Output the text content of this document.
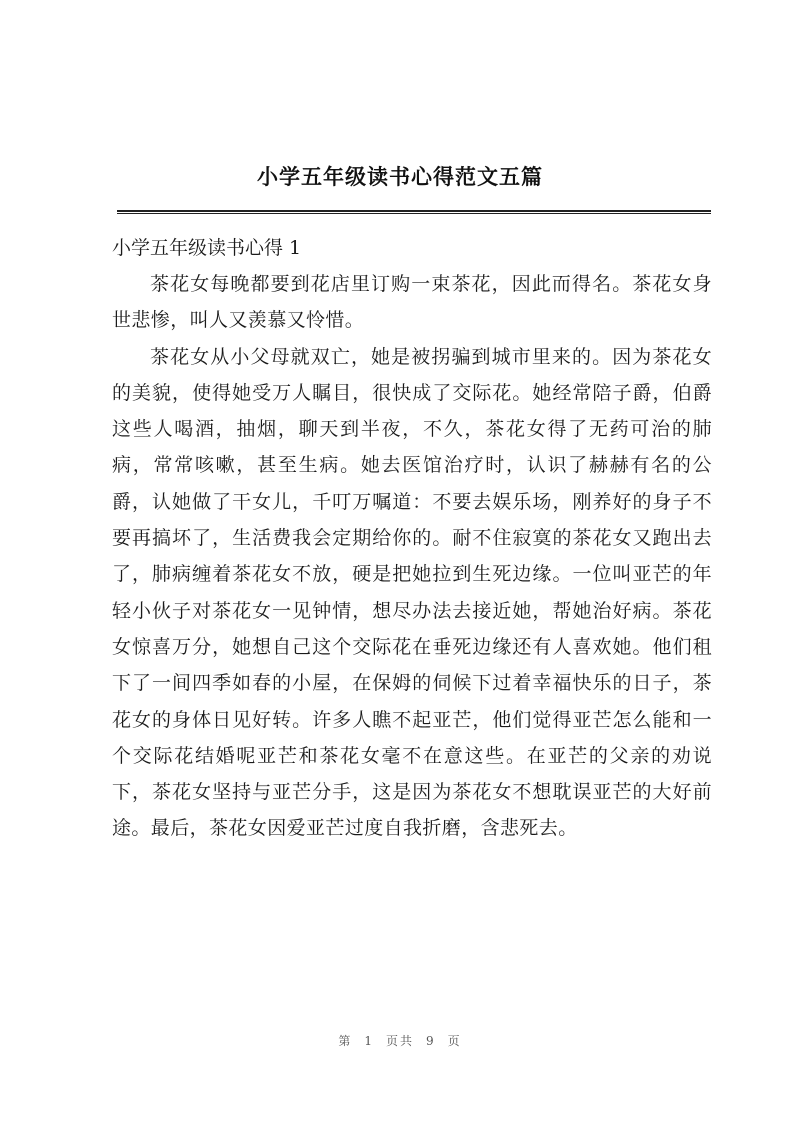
小学五年级读书心得范文五篇

小学五年级读书心得 1

茶花女每晚都要到花店里订购一束茶花，因此而得名。茶花女身世悲惨，叫人又羡慕又怜惜。

茶花女从小父母就双亡，她是被拐骗到城市里来的。因为茶花女的美貌，使得她受万人瞩目，很快成了交际花。她经常陪子爵，伯爵这些人喝酒，抽烟，聊天到半夜，不久，茶花女得了无药可治的肺病，常常咳嗽，甚至生病。她去医馆治疗时，认识了赫赫有名的公爵，认她做了干女儿，千叮万嘱道：不要去娱乐场，刚养好的身子不要再搞坏了，生活费我会定期给你的。耐不住寂寞的茶花女又跑出去了，肺病缠着茶花女不放，硬是把她拉到生死边缘。一位叫亚芒的年轻小伙子对茶花女一见钟情，想尽办法去接近她，帮她治好病。茶花女惊喜万分，她想自己这个交际花在垂死边缘还有人喜欢她。他们租下了一间四季如春的小屋，在保姆的伺候下过着幸福快乐的日子，茶花女的身体日见好转。许多人瞧不起亚芒，他们觉得亚芒怎么能和一个交际花结婚呢亚芒和茶花女毫不在意这些。在亚芒的父亲的劝说下，茶花女坚持与亚芒分手，这是因为茶花女不想耽误亚芒的大好前途。最后，茶花女因爱亚芒过度自我折磨，含悲死去。

第 1 页共 9 页
